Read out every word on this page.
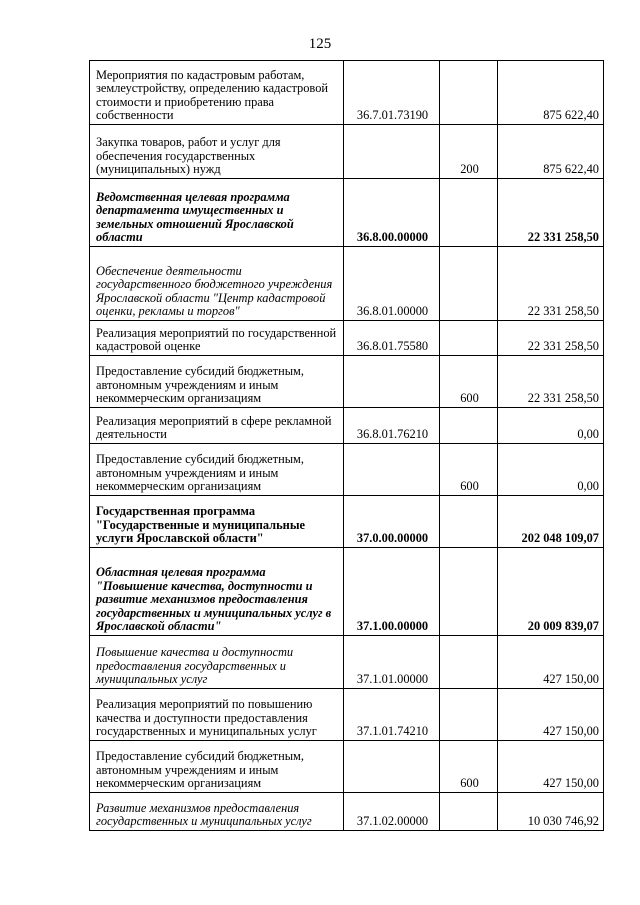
125
Мероприятия по кадастровым работам, землеустройству, определению кадастровой стоимости и приобретению права собственности	36.7.01.73190		875 622,40
Закупка товаров, работ и услуг для обеспечения государственных (муниципальных) нужд		200	875 622,40
Ведомственная целевая программа департамента имущественных и земельных отношений Ярославской области	36.8.00.00000		22 331 258,50
Обеспечение деятельности государственного бюджетного учреждения Ярославской области "Центр кадастровой оценки, рекламы и торгов"	36.8.01.00000		22 331 258,50
Реализация мероприятий по государственной кадастровой оценке	36.8.01.75580		22 331 258,50
Предоставление субсидий бюджетным, автономным учреждениям и иным некоммерческим организациям		600	22 331 258,50
Реализация мероприятий в сфере рекламной деятельности	36.8.01.76210		0,00
Предоставление субсидий бюджетным, автономным учреждениям и иным некоммерческим организациям		600	0,00
Государственная программа "Государственные и муниципальные услуги Ярославской области"	37.0.00.00000		202 048 109,07
Областная целевая программа "Повышение качества, доступности и развитие механизмов предоставления государственных и муниципальных услуг в Ярославской области"	37.1.00.00000		20 009 839,07
Повышение качества и доступности предоставления государственных и муниципальных услуг	37.1.01.00000		427 150,00
Реализация мероприятий по повышению качества и доступности предоставления государственных и муниципальных услуг	37.1.01.74210		427 150,00
Предоставление субсидий бюджетным, автономным учреждениям и иным некоммерческим организациям		600	427 150,00
Развитие механизмов предоставления государственных и муниципальных услуг	37.1.02.00000		10 030 746,92
